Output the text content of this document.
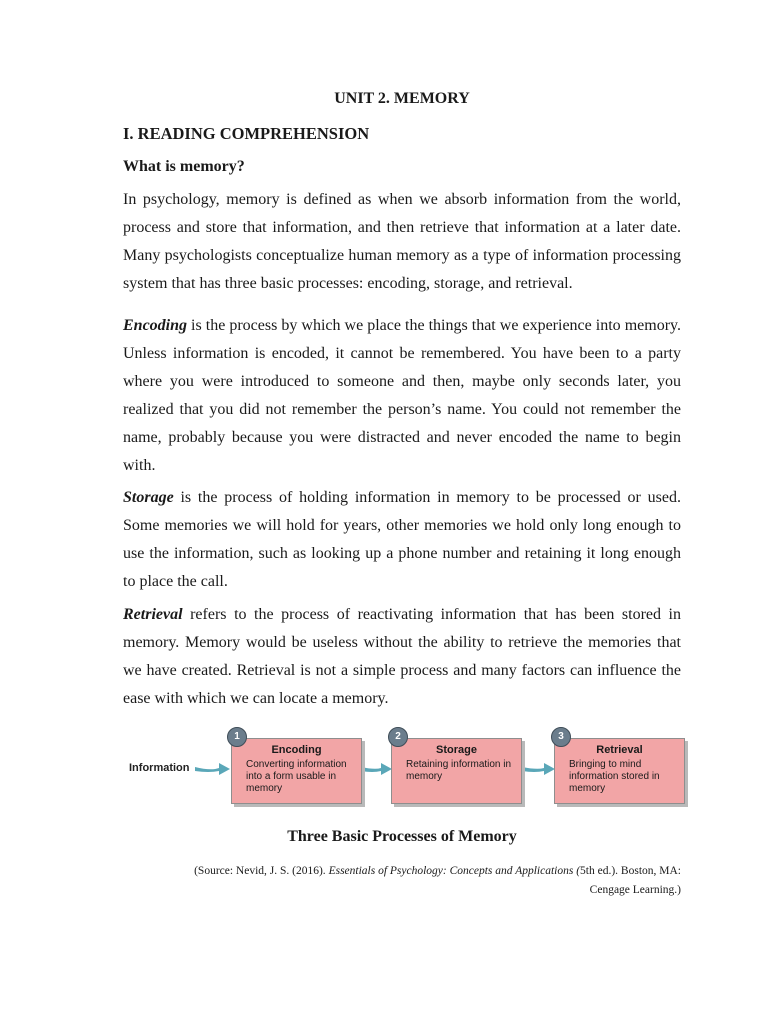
UNIT 2. MEMORY
I. READING COMPREHENSION
What is memory?

In psychology, memory is defined as when we absorb information from the world, process and store that information, and then retrieve that information at a later date. Many psychologists conceptualize human memory as a type of information processing system that has three basic processes: encoding, storage, and retrieval.

Encoding is the process by which we place the things that we experience into memory. Unless information is encoded, it cannot be remembered. You have been to a party where you were introduced to someone and then, maybe only seconds later, you realized that you did not remember the person’s name. You could not remember the name, probably because you were distracted and never encoded the name to begin with.

Storage is the process of holding information in memory to be processed or used. Some memories we will hold for years, other memories we hold only long enough to use the information, such as looking up a phone number and retaining it long enough to place the call.

Retrieval refers to the process of reactivating information that has been stored in memory. Memory would be useless without the ability to retrieve the memories that we have created. Retrieval is not a simple process and many factors can influence the ease with which we can locate a memory.

Information
Encoding
Converting information into a form usable in memory
1
Storage
Retaining information in memory
2
Retrieval
Bringing to mind information stored in memory
3
Three Basic Processes of Memory
(Source: Nevid, J. S. (2016). Essentials of Psychology: Concepts and Applications (5th ed.). Boston, MA:
Cengage Learning.)
